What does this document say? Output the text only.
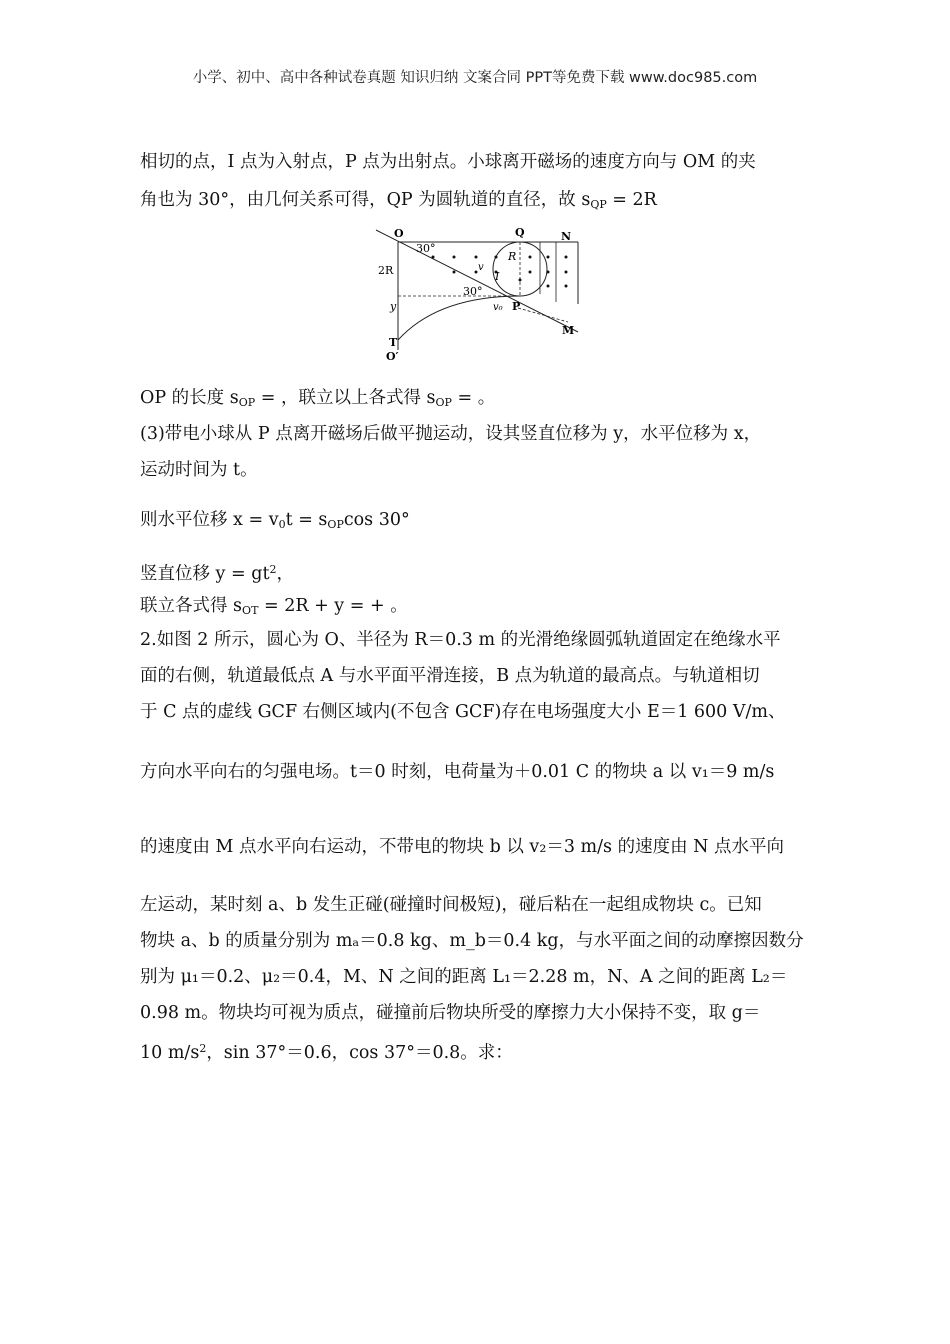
小学、初中、高中各种试卷真题 知识归纳 文案合同 PPT等免费下载 www.doc985.com
相切的点，I 点为入射点，P 点为出射点。小球离开磁场的速度方向与 OM 的夹
角也为 30°，由几何关系可得，QP 为圆轨道的直径，故 $s_{QP} = 2R$
O
30°
Q	N
2R
R
v
I
y
30°
v₀ P
M
T
O′
OP 的长度 $s_{OP}$ = ，联立以上各式得 $s_{OP}$ = 。
(3)带电小球从 P 点离开磁场后做平抛运动，设其竖直位移为 y，水平位移为 x，
运动时间为 t。
则水平位移 $x = v_0t = s_{OP}\cos$ 30°
竖直位移 $y = gt^2$，
联立各式得 $s_{OT} = 2R + y$ = + 。
2.如图 2 所示，圆心为 O、半径为 R＝0.3 m 的光滑绝缘圆弧轨道固定在绝缘水平
面的右侧，轨道最低点 A 与水平面平滑连接，B 点为轨道的最高点。与轨道相切
于 C 点的虚线 GCF 右侧区域内(不包含 GCF)存在电场强度大小 E＝1 600 V/m、
方向水平向右的匀强电场。t＝0 时刻，电荷量为＋0.01 C 的物块 a 以 v₁＝9 m/s
的速度由 M 点水平向右运动，不带电的物块 b 以 v₂＝3 m/s 的速度由 N 点水平向
左运动，某时刻 a、b 发生正碰(碰撞时间极短)，碰后粘在一起组成物块 c。已知
物块 a、b 的质量分别为 mₐ＝0.8 kg、m_b＝0.4 kg，与水平面之间的动摩擦因数分
别为 μ₁＝0.2、μ₂＝0.4，M、N 之间的距离 L₁＝2.28 m，N、A 之间的距离 L₂＝
0.98 m。物块均可视为质点，碰撞前后物块所受的摩擦力大小保持不变，取 g＝
10 $m/s^2$，sin 37°＝0.6，cos 37°＝0.8。求：
